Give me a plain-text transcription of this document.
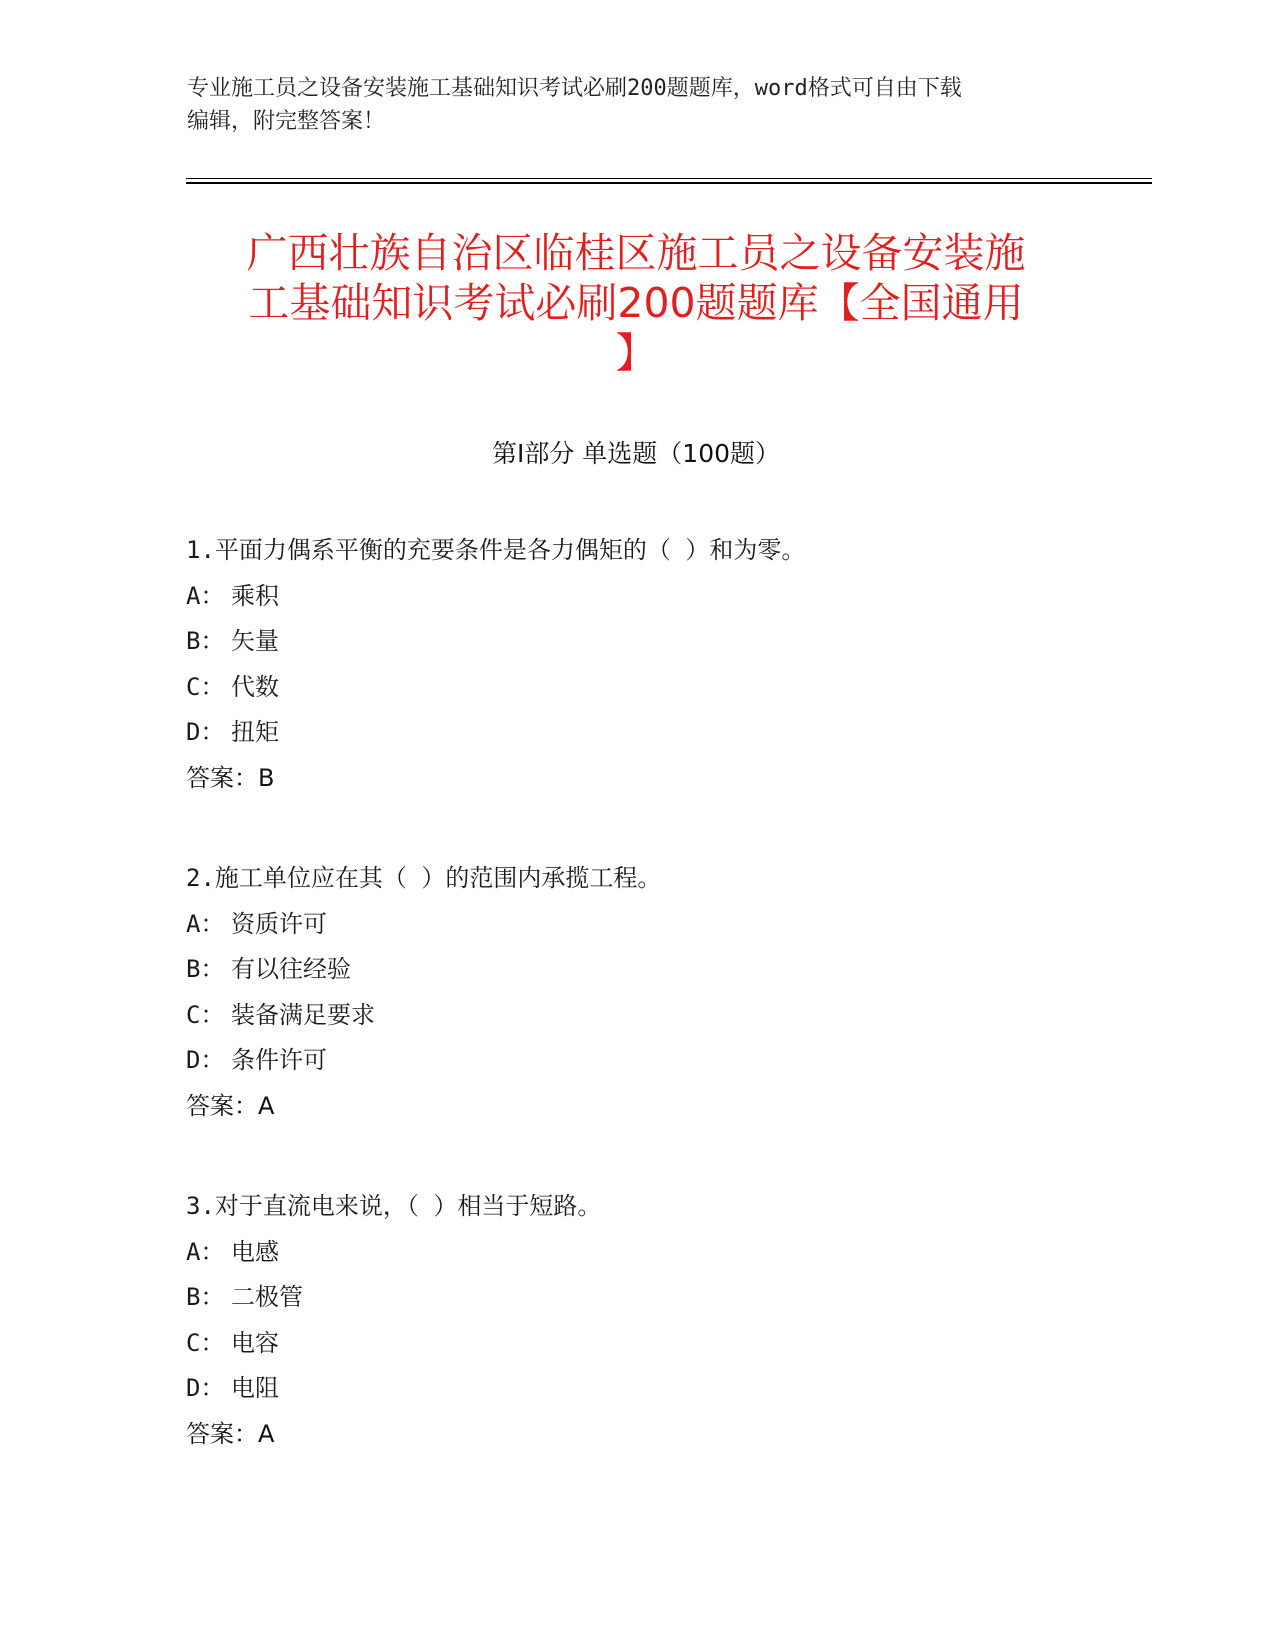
专业施工员之设备安装施工基础知识考试必刷200题题库，word格式可自由下载
编辑，附完整答案！
广西壮族自治区临桂区施工员之设备安装施
工基础知识考试必刷200题题库【全国通用
】
第Ⅰ部分 单选题（100题）
1.平面力偶系平衡的充要条件是各力偶矩的（ ）和为零。
A： 乘积
B： 矢量
C： 代数
D： 扭矩
答案：B
2.施工单位应在其（ ）的范围内承揽工程。
A： 资质许可
B： 有以往经验
C： 装备满足要求
D： 条件许可
答案：A
3.对于直流电来说，（ ）相当于短路。
A： 电感
B： 二极管
C： 电容
D： 电阻
答案：A
